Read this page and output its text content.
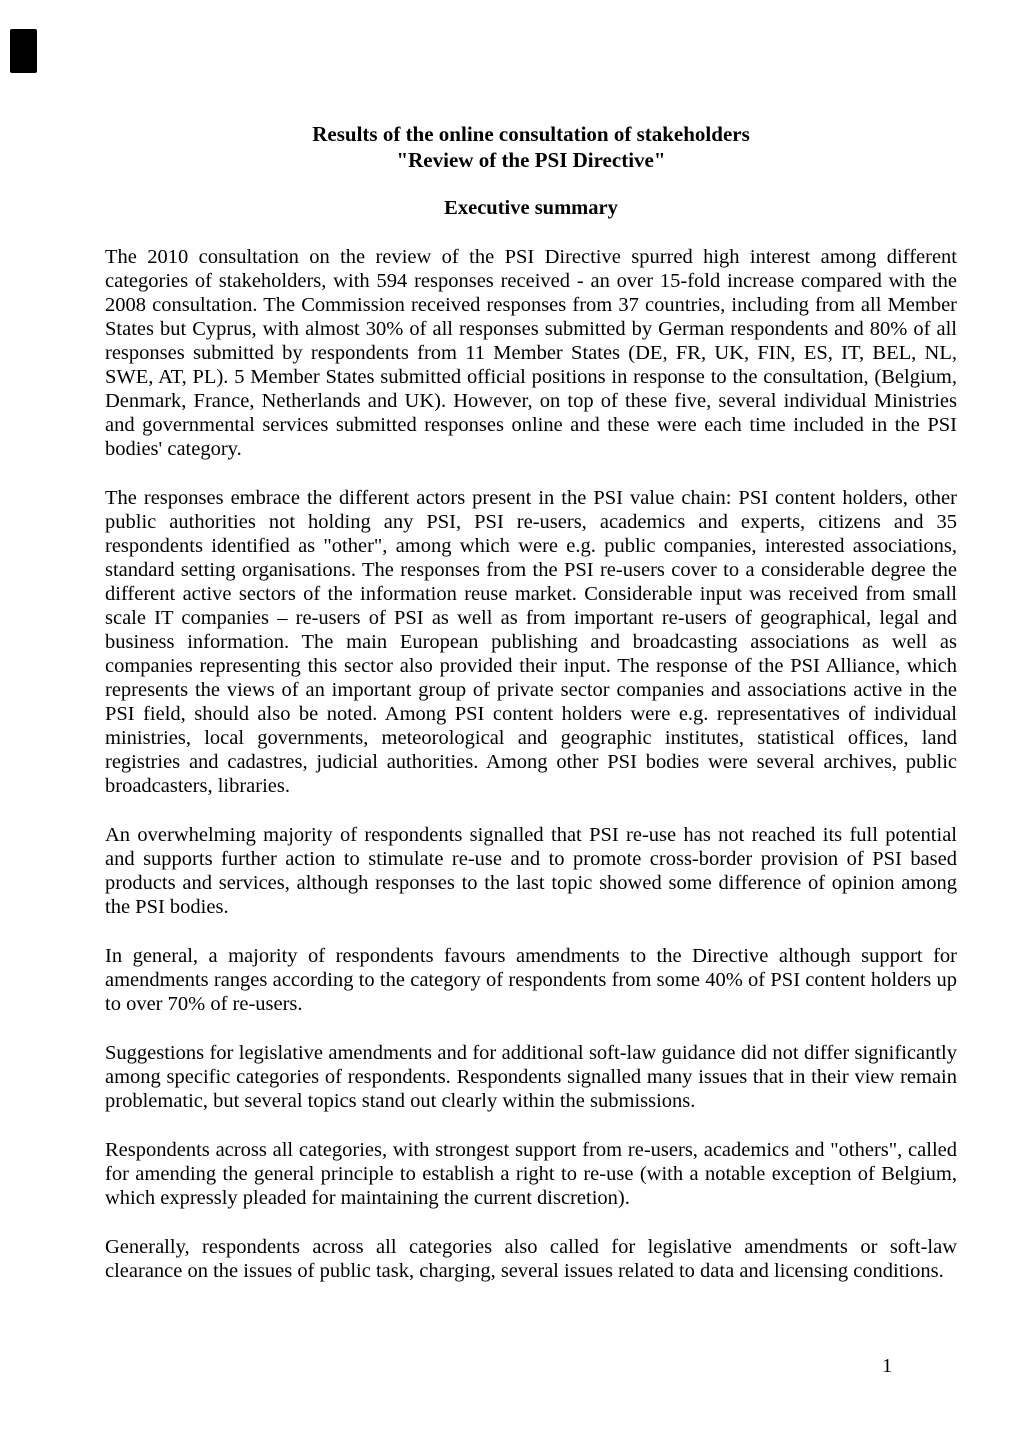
Results of the online consultation of stakeholders
"Review of the PSI Directive"
Executive summary

The 2010 consultation on the review of the PSI Directive spurred high interest among different categories of stakeholders, with 594 responses received - an over 15-fold increase compared with the 2008 consultation. The Commission received responses from 37 countries, including from all Member States but Cyprus, with almost 30% of all responses submitted by German respondents and 80% of all responses submitted by respondents from 11 Member States (DE, FR, UK, FIN, ES, IT, BEL, NL, SWE, AT, PL). 5 Member States submitted official positions in response to the consultation, (Belgium, Denmark, France, Netherlands and UK). However, on top of these five, several individual Ministries and governmental services submitted responses online and these were each time included in the PSI bodies' category.

The responses embrace the different actors present in the PSI value chain: PSI content holders, other public authorities not holding any PSI, PSI re-users, academics and experts, citizens and 35 respondents identified as "other", among which were e.g. public companies, interested associations, standard setting organisations. The responses from the PSI re-users cover to a considerable degree the different active sectors of the information reuse market. Considerable input was received from small scale IT companies – re-users of PSI as well as from important re-users of geographical, legal and business information. The main European publishing and broadcasting associations as well as companies representing this sector also provided their input. The response of the PSI Alliance, which represents the views of an important group of private sector companies and associations active in the PSI field, should also be noted. Among PSI content holders were e.g. representatives of individual ministries, local governments, meteorological and geographic institutes, statistical offices, land registries and cadastres, judicial authorities. Among other PSI bodies were several archives, public broadcasters, libraries.

An overwhelming majority of respondents signalled that PSI re-use has not reached its full potential and supports further action to stimulate re-use and to promote cross-border provision of PSI based products and services, although responses to the last topic showed some difference of opinion among the PSI bodies.

In general, a majority of respondents favours amendments to the Directive although support for amendments ranges according to the category of respondents from some 40% of PSI content holders up to over 70% of re-users.

Suggestions for legislative amendments and for additional soft-law guidance did not differ significantly among specific categories of respondents. Respondents signalled many issues that in their view remain problematic, but several topics stand out clearly within the submissions.

Respondents across all categories, with strongest support from re-users, academics and "others", called for amending the general principle to establish a right to re-use (with a notable exception of Belgium, which expressly pleaded for maintaining the current discretion).

Generally, respondents across all categories also called for legislative amendments or soft-law clearance on the issues of public task, charging, several issues related to data and licensing conditions.

1
